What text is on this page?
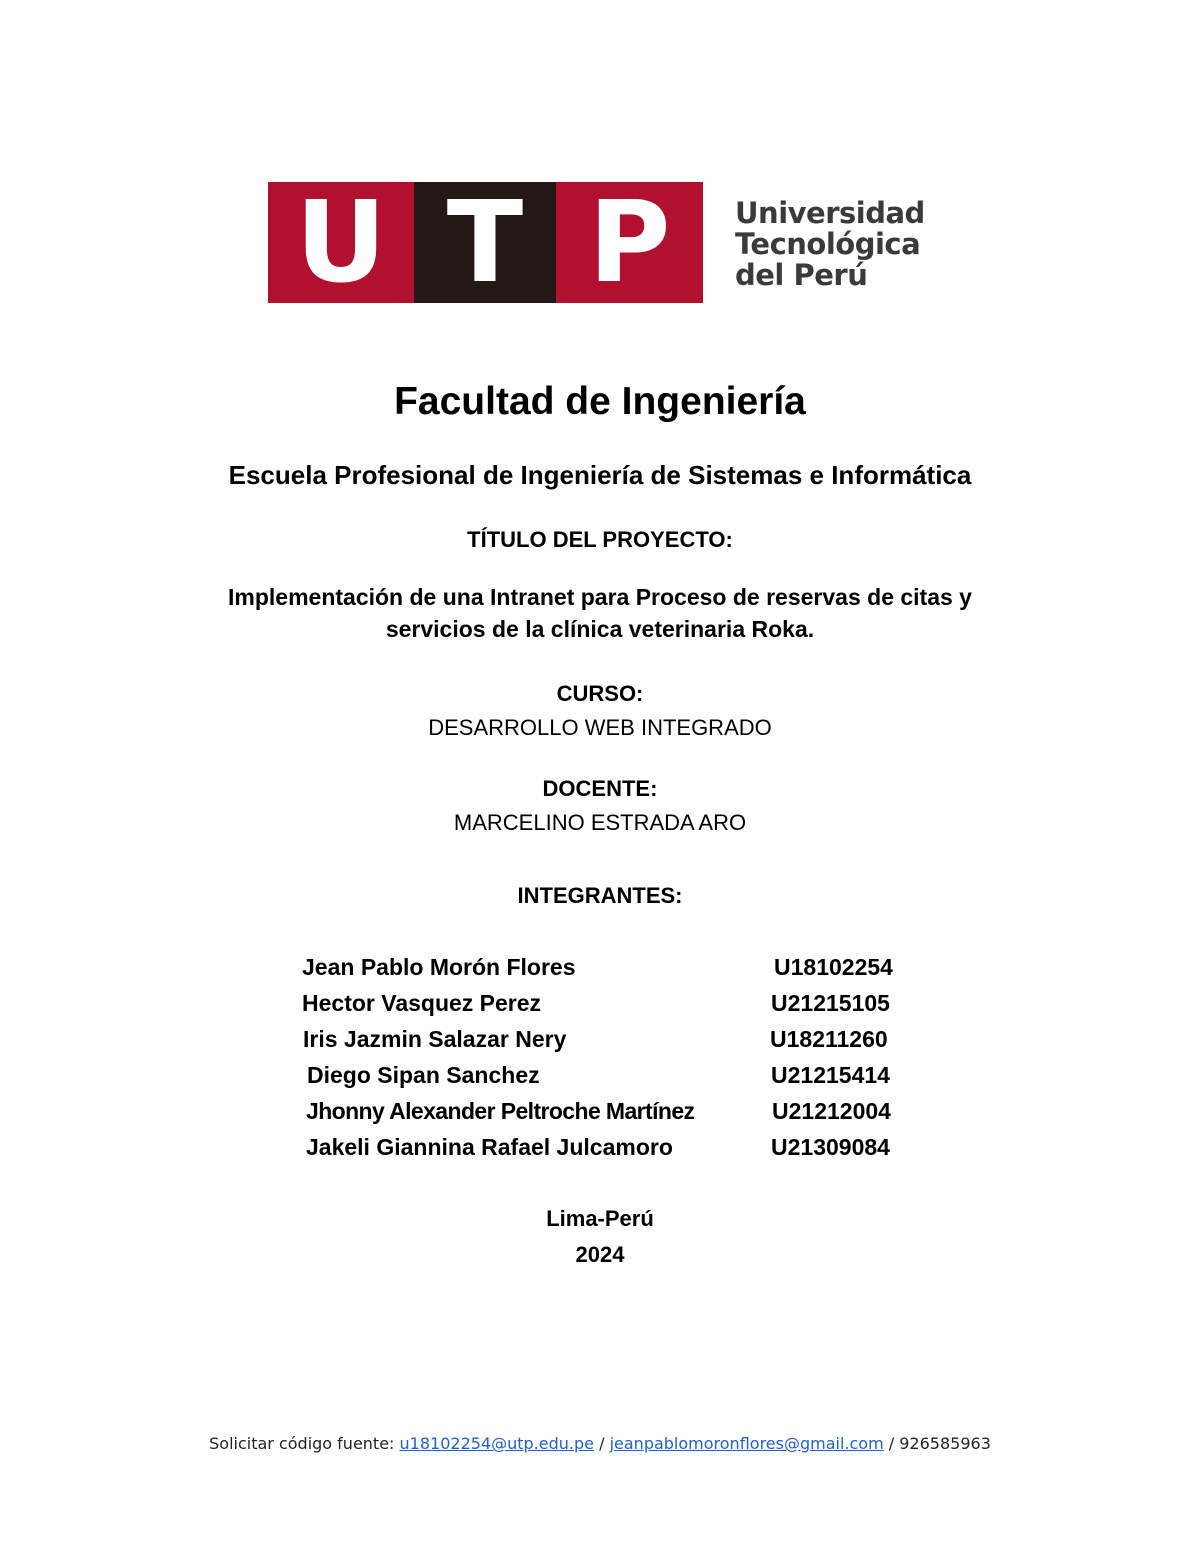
U T P	Universidad
Tecnológica
del Perú
Facultad de Ingeniería
Escuela Profesional de Ingeniería de Sistemas e Informática
TÍTULO DEL PROYECTO:
Implementación de una Intranet para Proceso de reservas de citas y
servicios de la clínica veterinaria Roka.
CURSO:
DESARROLLO WEB INTEGRADO
DOCENTE:
MARCELINO ESTRADA ARO
INTEGRANTES:
Jean Pablo Morón Flores	U18102254
Hector Vasquez Perez	U21215105
Iris Jazmin Salazar Nery	U18211260
Diego Sipan Sanchez	U21215414
Jhonny Alexander Peltroche Martínez	U21212004
Jakeli Giannina Rafael Julcamoro	U21309084
Lima-Perú
2024
Solicitar código fuente: u18102254@utp.edu.pe / jeanpablomoronflores@gmail.com / 926585963
